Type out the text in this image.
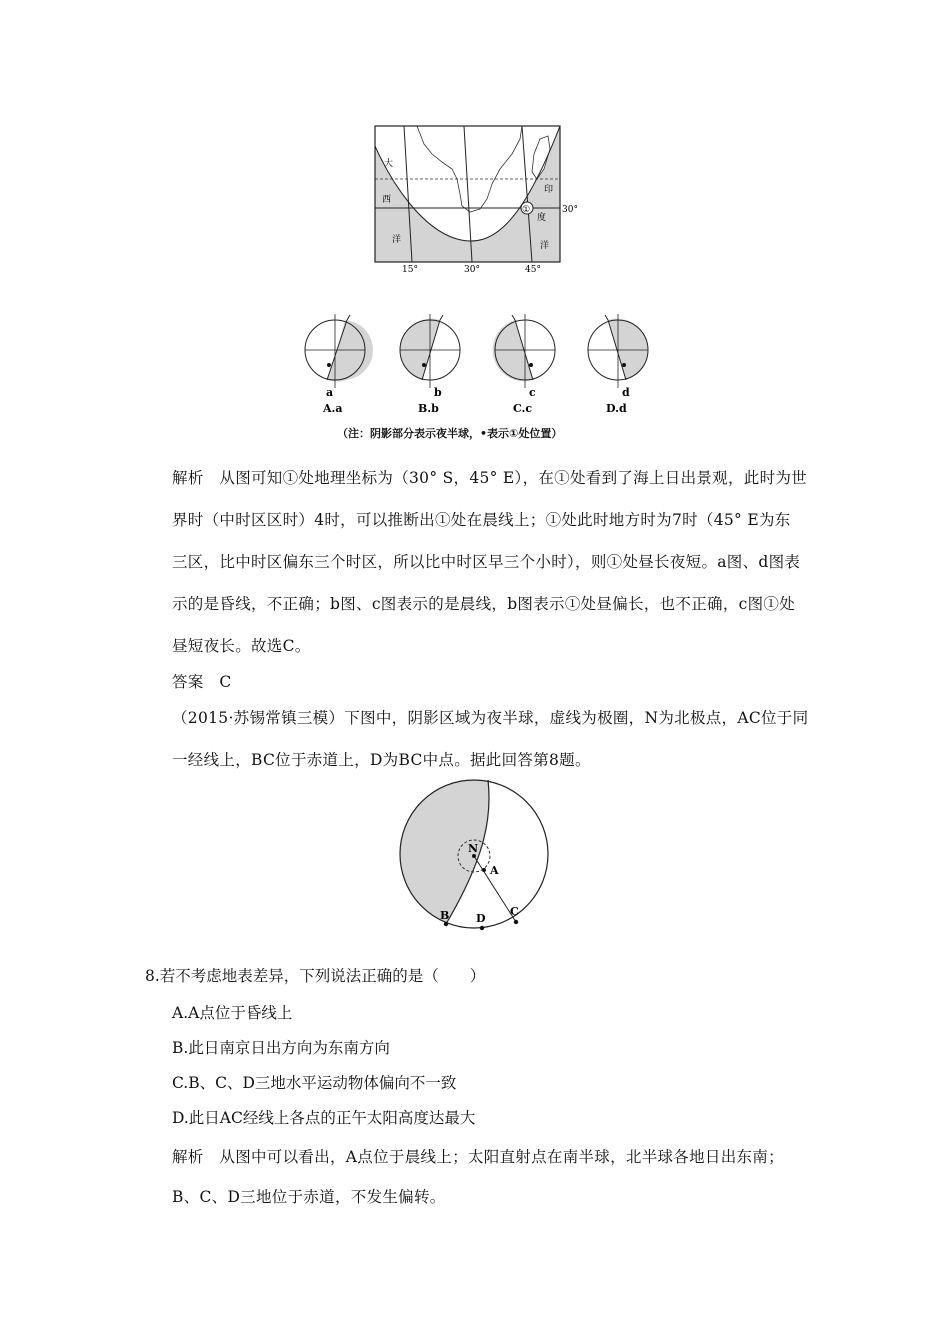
①
大
西
洋
印
度
洋
30°
15°	30°	45°
a
A.a
b
B.b
c
C.c
d
D.d
（注：阴影部分表示夜半球，•表示①处位置）
解析　从图可知①处地理坐标为（30° S，45° E），在①处看到了海上日出景观，此时为世
界时（中时区区时）4时，可以推断出①处在晨线上；①处此时地方时为7时（45° E为东
三区，比中时区偏东三个时区，所以比中时区早三个小时），则①处昼长夜短。a图、d图表
示的是昏线，不正确；b图、c图表示的是晨线，b图表示①处昼偏长，也不正确，c图①处
昼短夜长。故选C。
答案　C
（2015·苏锡常镇三模）下图中，阴影区域为夜半球，虚线为极圈，N为北极点，AC位于同
一经线上，BC位于赤道上，D为BC中点。据此回答第8题。
N
A
B D
C
8.若不考虑地表差异，下列说法正确的是（　　）
A.A点位于昏线上
B.此日南京日出方向为东南方向
C.B、C、D三地水平运动物体偏向不一致
D.此日AC经线上各点的正午太阳高度达最大
解析　从图中可以看出，A点位于晨线上；太阳直射点在南半球，北半球各地日出东南；
B、C、D三地位于赤道，不发生偏转。
